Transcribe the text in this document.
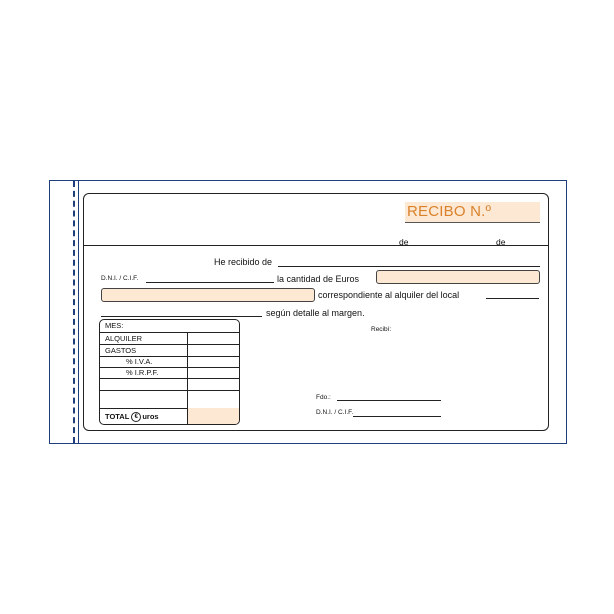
RECIBO N.º
de	de
He recibido de
D.N.I. / C.I.F.	la cantidad de Euros
correspondiente al alquiler del local
según detalle al margen.
Recibí:
Fdo.:
D.N.I. / C.I.F.
MES:
ALQUILER
GASTOS
% I.V.A.
% I.R.P.F.
TOTAL € uros
